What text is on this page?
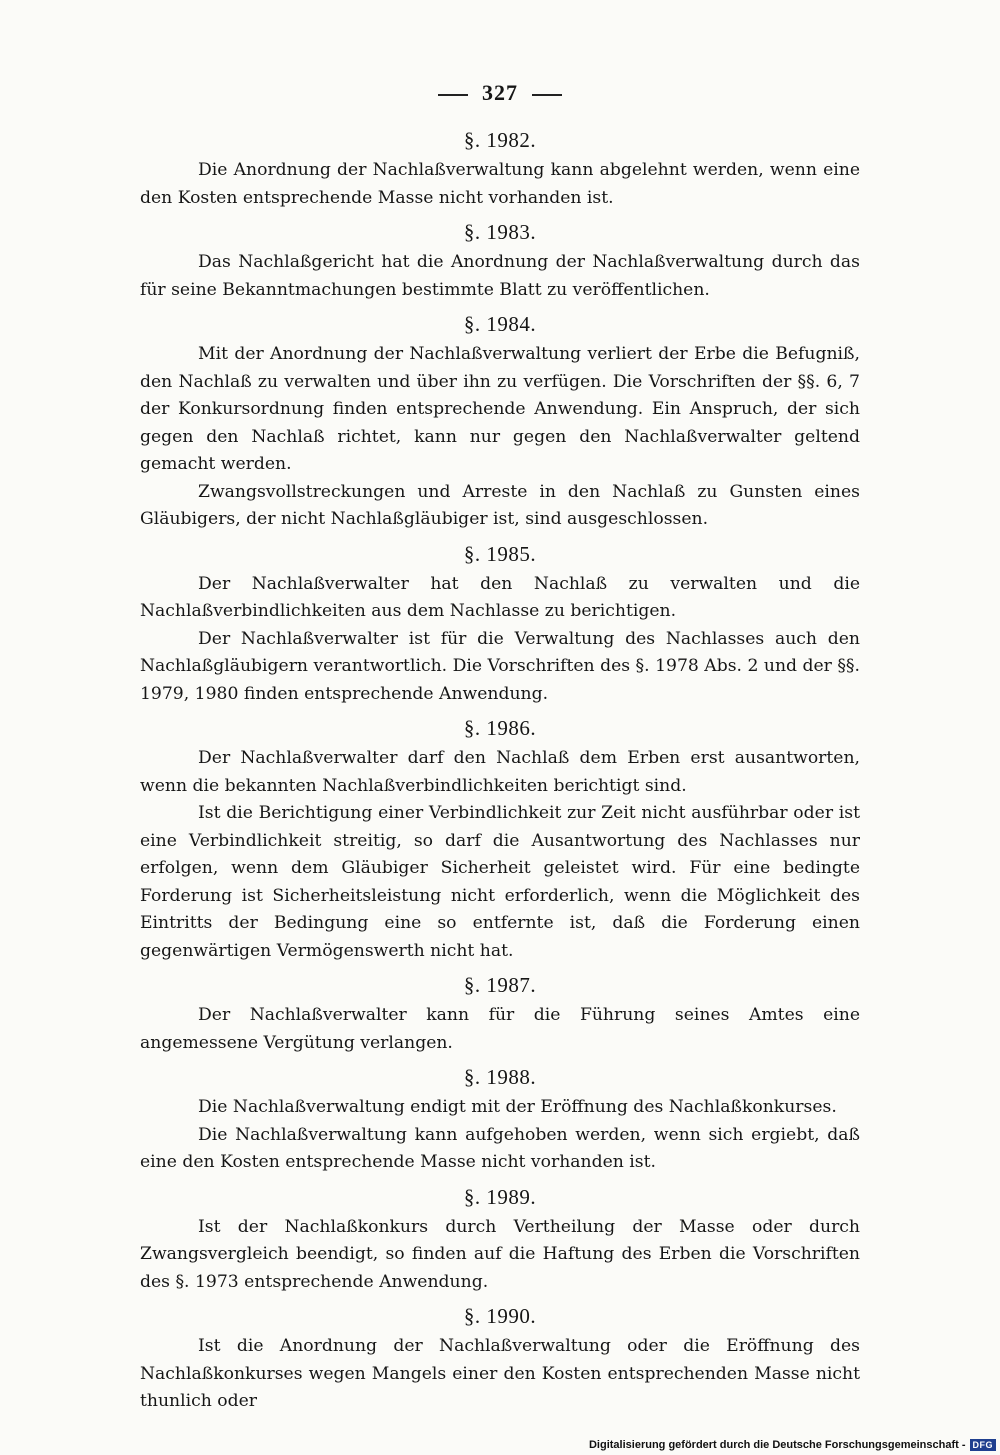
327
§. 1982.

Die Anordnung der Nachlaßverwaltung kann abgelehnt werden, wenn eine den Kosten entsprechende Masse nicht vorhanden ist.

§. 1983.

Das Nachlaßgericht hat die Anordnung der Nachlaßverwaltung durch das für seine Bekanntmachungen bestimmte Blatt zu veröffentlichen.

§. 1984.

Mit der Anordnung der Nachlaßverwaltung verliert der Erbe die Befugniß, den Nachlaß zu verwalten und über ihn zu verfügen. Die Vorschriften der §§. 6, 7 der Konkursordnung finden entsprechende Anwendung. Ein Anspruch, der sich gegen den Nachlaß richtet, kann nur gegen den Nachlaßverwalter geltend gemacht werden.

Zwangsvollstreckungen und Arreste in den Nachlaß zu Gunsten eines Gläubigers, der nicht Nachlaßgläubiger ist, sind ausgeschlossen.

§. 1985.

Der Nachlaßverwalter hat den Nachlaß zu verwalten und die Nachlaßverbindlichkeiten aus dem Nachlasse zu berichtigen.

Der Nachlaßverwalter ist für die Verwaltung des Nachlasses auch den Nachlaßgläubigern verantwortlich. Die Vorschriften des §. 1978 Abs. 2 und der §§. 1979, 1980 finden entsprechende Anwendung.

§. 1986.

Der Nachlaßverwalter darf den Nachlaß dem Erben erst ausantworten, wenn die bekannten Nachlaßverbindlichkeiten berichtigt sind.

Ist die Berichtigung einer Verbindlichkeit zur Zeit nicht ausführbar oder ist eine Verbindlichkeit streitig, so darf die Ausantwortung des Nachlasses nur erfolgen, wenn dem Gläubiger Sicherheit geleistet wird. Für eine bedingte Forderung ist Sicherheitsleistung nicht erforderlich, wenn die Möglichkeit des Eintritts der Bedingung eine so entfernte ist, daß die Forderung einen gegenwärtigen Vermögenswerth nicht hat.

§. 1987.

Der Nachlaßverwalter kann für die Führung seines Amtes eine angemessene Vergütung verlangen.

§. 1988.

Die Nachlaßverwaltung endigt mit der Eröffnung des Nachlaßkonkurses.

Die Nachlaßverwaltung kann aufgehoben werden, wenn sich ergiebt, daß eine den Kosten entsprechende Masse nicht vorhanden ist.

§. 1989.

Ist der Nachlaßkonkurs durch Vertheilung der Masse oder durch Zwangsvergleich beendigt, so finden auf die Haftung des Erben die Vorschriften des §. 1973 entsprechende Anwendung.

§. 1990.

Ist die Anordnung der Nachlaßverwaltung oder die Eröffnung des Nachlaßkonkurses wegen Mangels einer den Kosten entsprechenden Masse nicht thunlich oder

Digitalisierung gefördert durch die Deutsche Forschungsgemeinschaft - DFG
